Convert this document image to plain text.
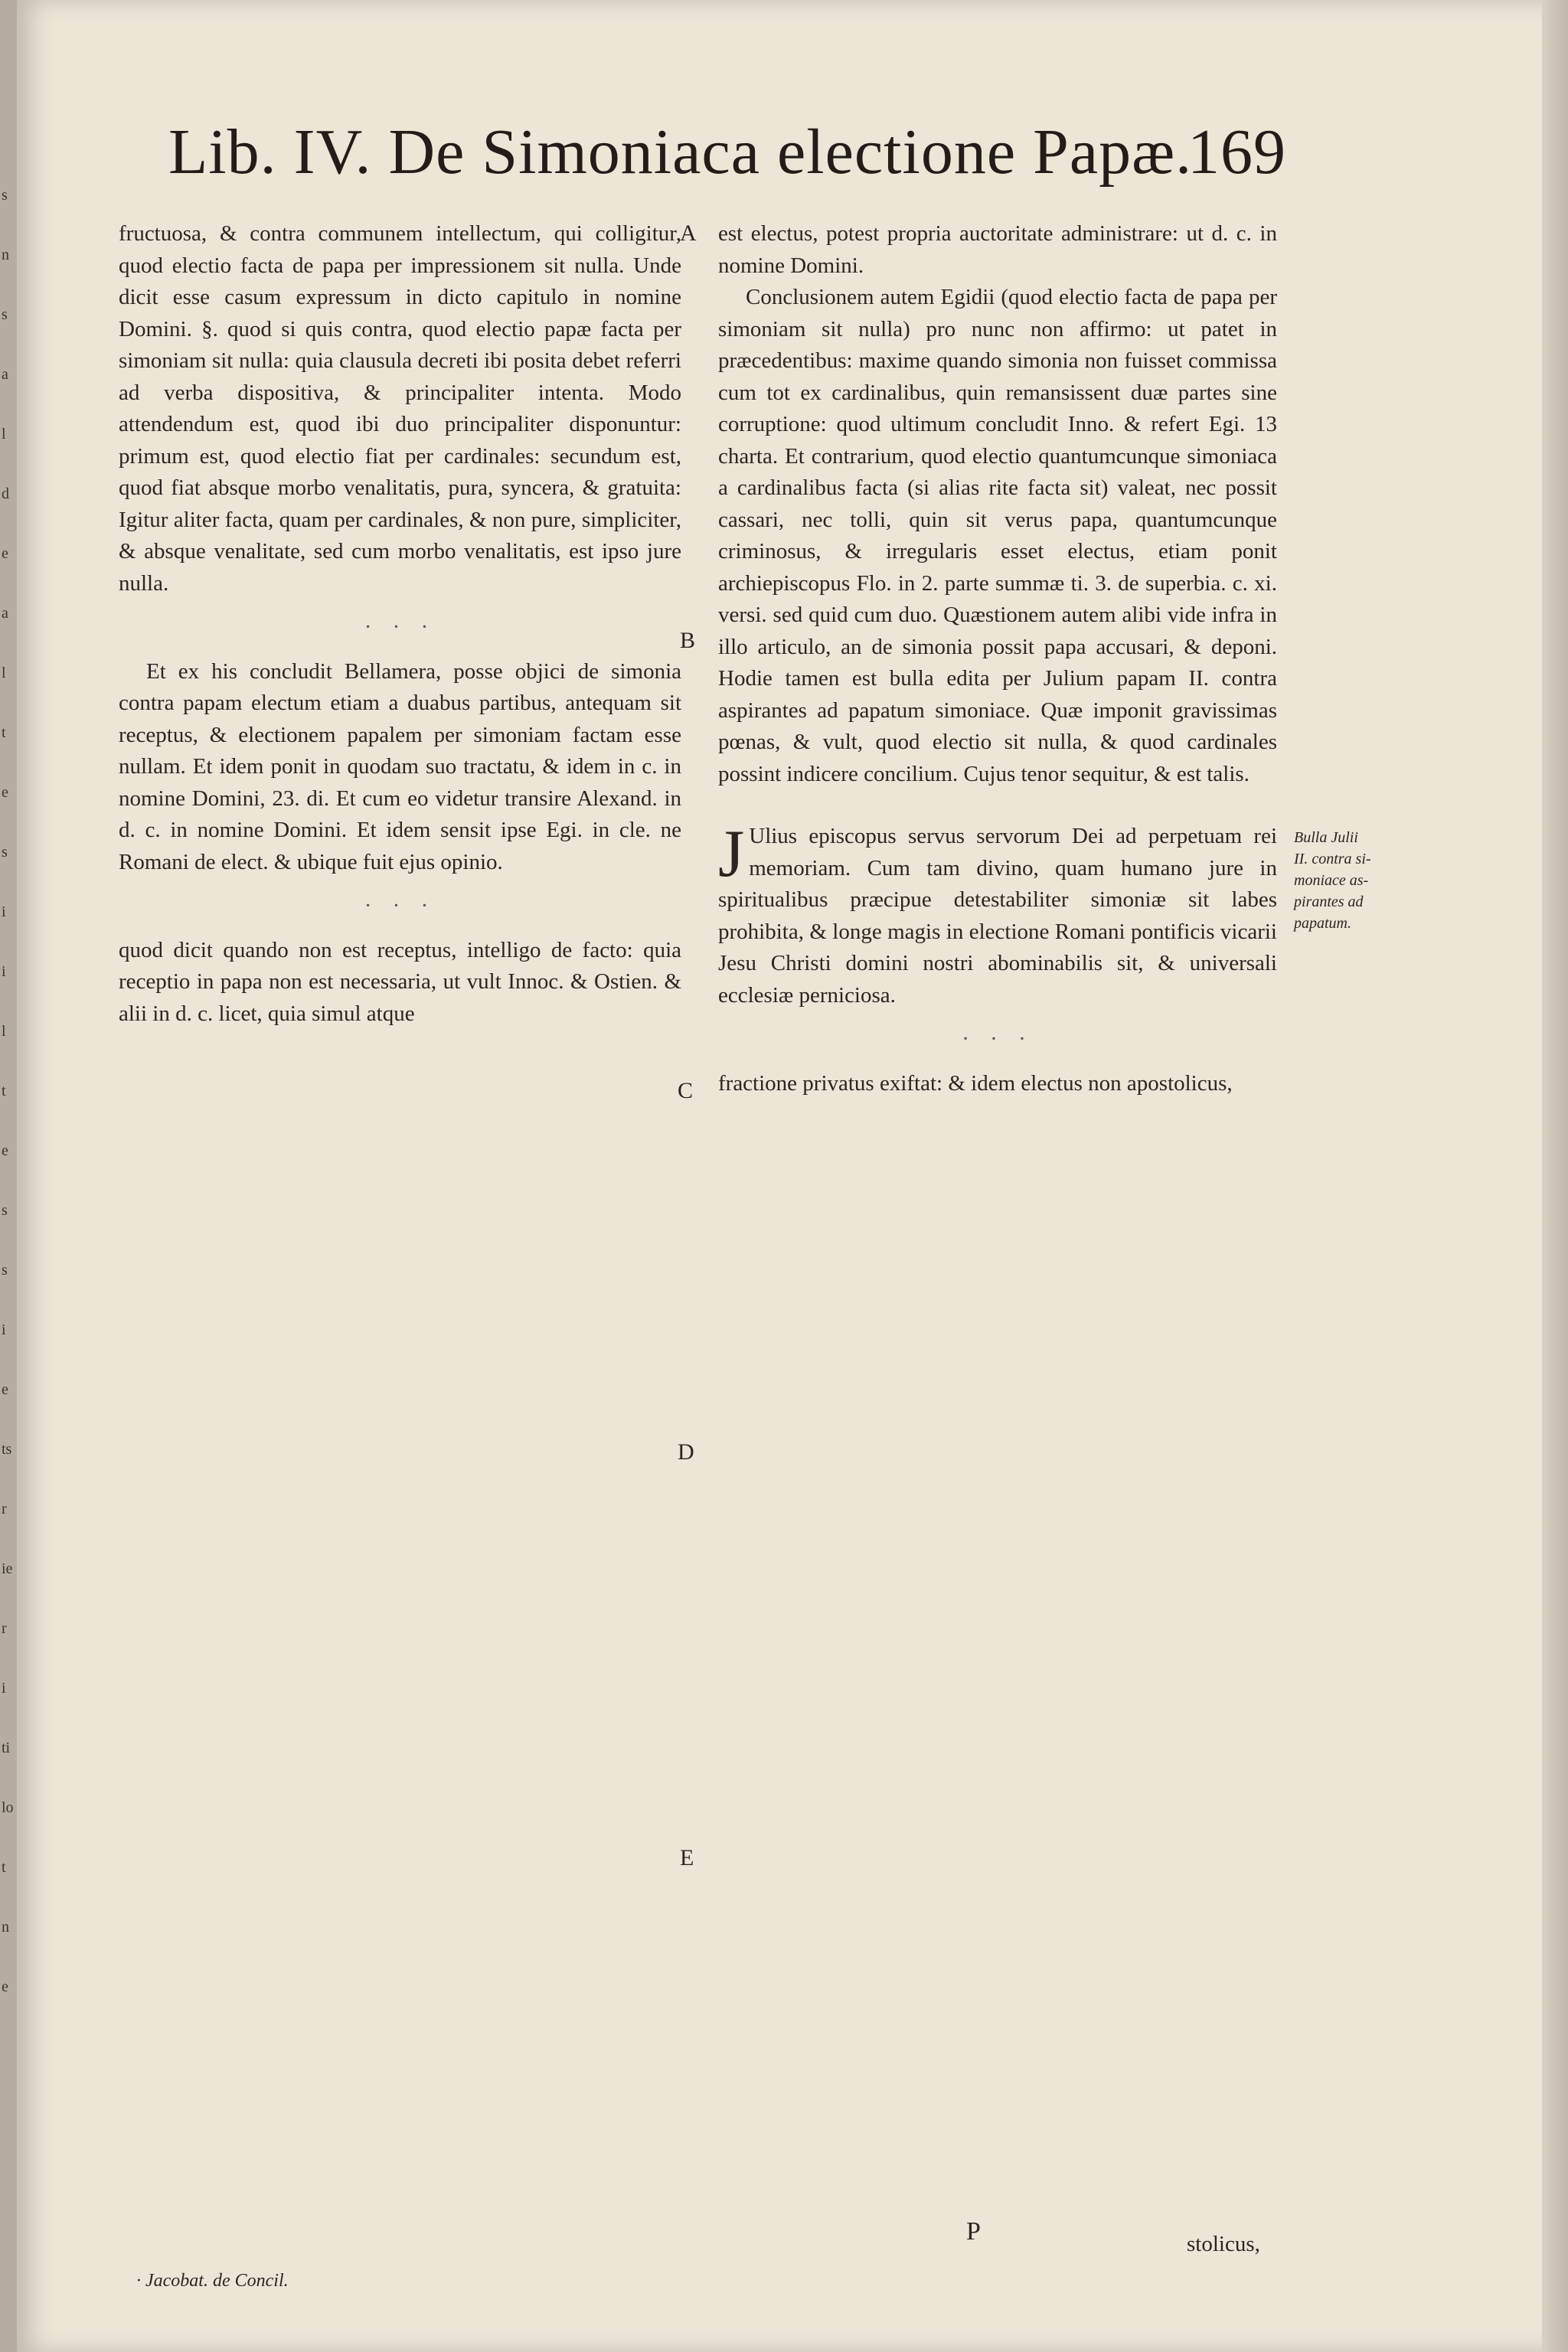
s
n
s
a
l
d
e
a
l
t
e
s
i
i
l
t
e
s
s
i
e
ts
r
ie
r
i
ti
lo
t
n
e
Lib. IV. De Simoniaca electione Papæ.
169

fructuosa, & contra communem intellectum, qui colligitur, quod electio facta de papa per impressionem sit nulla. Unde dicit esse casum expressum in dicto capitulo in nomine Domini. §. quod si quis contra, quod electio papæ facta per simoniam sit nulla: quia clausula decreti ibi posita debet referri ad verba dispositiva, & principaliter intenta. Modo attendendum est, quod ibi duo principaliter disponuntur: primum est, quod electio fiat per cardinales: secundum est, quod fiat absque morbo venalitatis, pura, syncera, & gratuita: Igitur aliter facta, quam per cardinales, & non pure, simpliciter, & absque venalitate, sed cum morbo venalitatis, est ipso jure nulla.

· · ·

Et ex his concludit Bellamera, posse objici de simonia contra papam electum etiam a duabus partibus, antequam sit receptus, & electionem papalem per simoniam factam esse nullam. Et idem ponit in quodam suo tractatu, & idem in c. in nomine Domini, 23. di. Et cum eo videtur transire Alexand. in d. c. in nomine Domini. Et idem sensit ipse Egi. in cle. ne Romani de elect. & ubique fuit ejus opinio.

· · ·

quod dicit quando non est receptus, intelligo de facto: quia receptio in papa non est necessaria, ut vult Innoc. & Ostien. & alii in d. c. licet, quia simul atque

A
B
C
D
E

est electus, potest propria auctoritate administrare: ut d. c. in nomine Domini.

Conclusionem autem Egidii (quod electio facta de papa per simoniam sit nulla) pro nunc non affirmo: ut patet in præcedentibus: maxime quando simonia non fuisset commissa cum tot ex cardinalibus, quin remansissent duæ partes sine corruptione: quod ultimum concludit Inno. & refert Egi. 13 charta. Et contrarium, quod electio quantumcunque simoniaca a cardinalibus facta (si alias rite facta sit) valeat, nec possit cassari, nec tolli, quin sit verus papa, quantumcunque criminosus, & irregularis esset electus, etiam ponit archiepiscopus Flo. in 2. parte summæ ti. 3. de superbia. c. xi. versi. sed quid cum duo. Quæstionem autem alibi vide infra in illo articulo, an de simonia possit papa accusari, & deponi. Hodie tamen est bulla edita per Julium papam II. contra aspirantes ad papatum simoniace. Quæ imponit gravissimas pœnas, & vult, quod electio sit nulla, & quod cardinales possint indicere concilium. Cujus tenor sequitur, & est talis.

J Ulius episcopus servus servorum Dei ad perpetuam rei memoriam. Cum tam divino, quam humano jure in spiritualibus præcipue detestabiliter simoniæ sit labes prohibita, & longe magis in electione Romani pontificis vicarii Jesu Christi domini nostri abominabilis sit, & universali ecclesiæ perniciosa.

· · ·

fractione privatus exiftat: & idem electus non apostolicus,

Bulla Julii
II. contra si-
moniace as-
pirantes ad
papatum.
· Jacobat. de Concil.
P	stolicus,
